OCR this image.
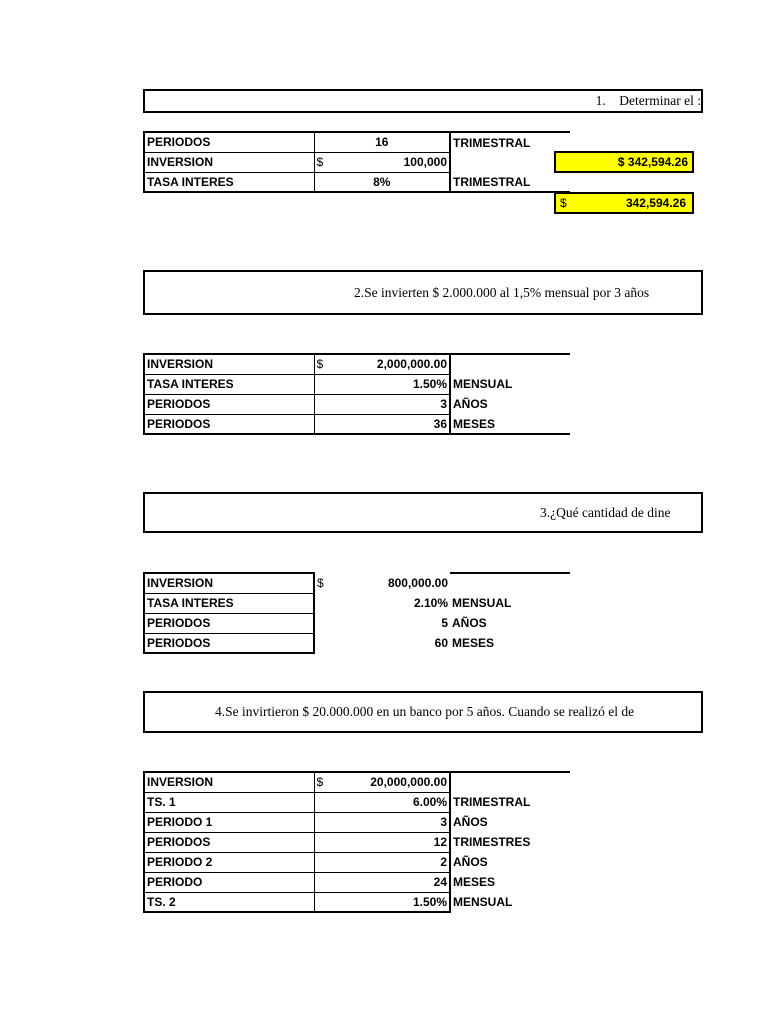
1.    Determinar el :
PERIODOS	16	TRIMESTRAL
INVERSION	$ 100,000	

TASA INTERES	8%	TRIMESTRAL
$ 342,594.26
$	342,594.26
2.Se invierten $ 2.000.000 al 1,5% mensual por 3 años
INVERSION	$ 2,000,000.00	

TASA INTERES	1.50%	MENSUAL
PERIODOS	3	AÑOS
PERIODOS	36	MESES
3.¿Qué cantidad de dine
INVERSION	$ 800,000.00	

TASA INTERES	2.10%	MENSUAL
PERIODOS	5	AÑOS
PERIODOS	60	MESES
4.Se invirtieron $ 20.000.000 en un banco por 5 años. Cuando se realizó el de
INVERSION	$ 20,000,000.00	

TS. 1	6.00%	TRIMESTRAL
PERIODO 1	3	AÑOS
PERIODOS	12	TRIMESTRES
PERIODO 2	2	AÑOS
PERIODO	24	MESES
TS. 2	1.50%	MENSUAL
